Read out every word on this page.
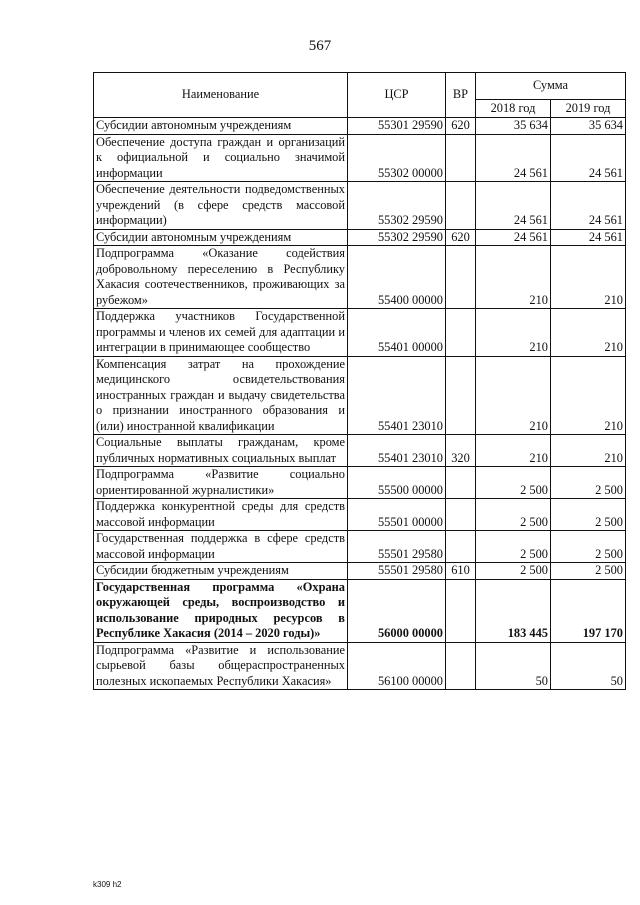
567
Наименование	ЦСР	ВР	Сумма	
			2018 год	2019 год
Субсидии автономным учреждениям	55301 29590	620	35 634	35 634
Обеспечение доступа граждан и организаций к официальной и социально значимой информации	55302 00000		24 561	24 561
Обеспечение деятельности подведомственных учреждений (в сфере средств массовой информации)	55302 29590		24 561	24 561
Субсидии автономным учреждениям	55302 29590	620	24 561	24 561
Подпрограмма «Оказание содействия добровольному переселению в Республику Хакасия соотечественников, проживающих за рубежом»	55400 00000		210	210
Поддержка участников Государственной программы и членов их семей для адаптации и интеграции в принимающее сообщество	55401 00000		210	210
Компенсация затрат на прохождение медицинского освидетельствования иностранных граждан и выдачу свидетельства о признании иностранного образования и (или) иностранной квалификации	55401 23010		210	210
Социальные выплаты гражданам, кроме публичных нормативных социальных выплат	55401 23010	320	210	210
Подпрограмма «Развитие социально ориентированной журналистики»	55500 00000		2 500	2 500
Поддержка конкурентной среды для средств массовой информации	55501 00000		2 500	2 500
Государственная поддержка в сфере средств массовой информации	55501 29580		2 500	2 500
Субсидии бюджетным учреждениям	55501 29580	610	2 500	2 500
Государственная программа «Охрана окружающей среды, воспроизводство и использование природных ресурсов в Республике Хакасия (2014 – 2020 годы)»	56000 00000		183 445	197 170
Подпрограмма «Развитие и использование сырьевой базы общераспространенных полезных ископаемых Республики Хакасия»	56100 00000		50	50
k309 h2
